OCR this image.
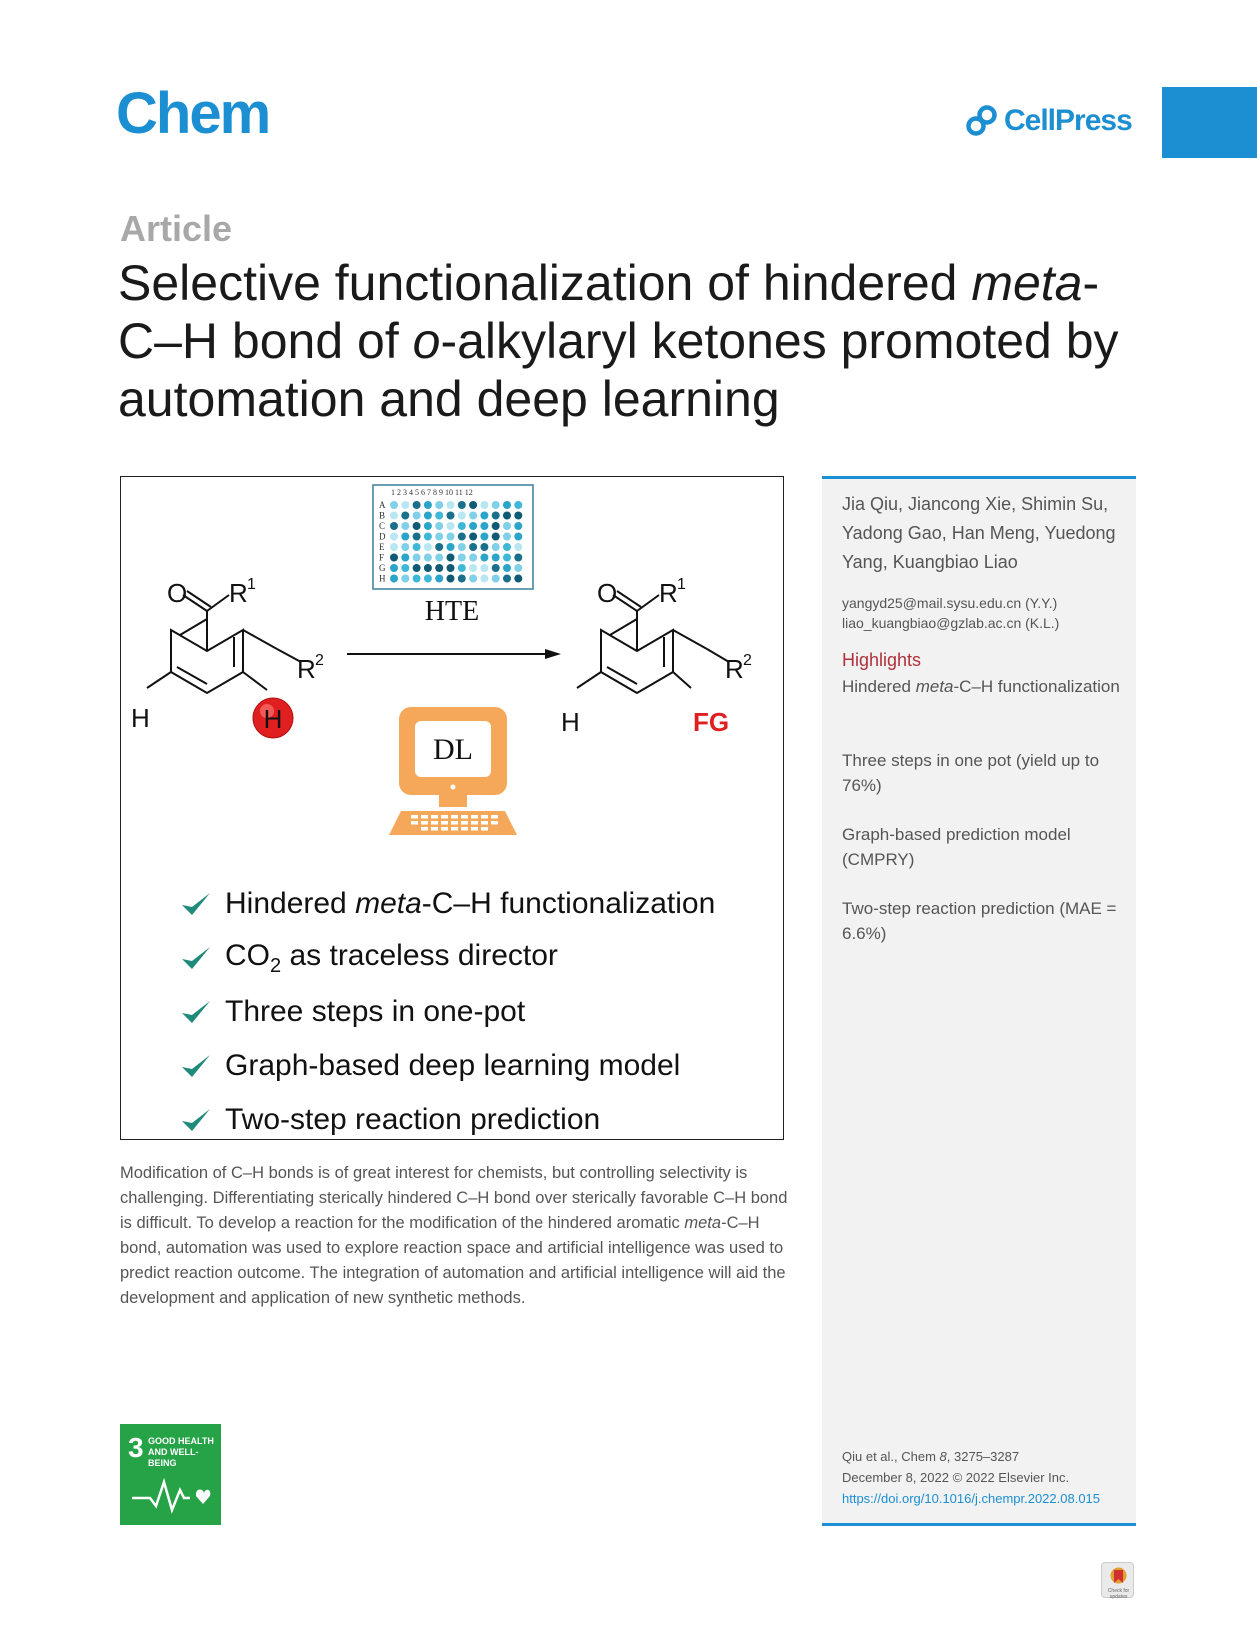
Chem	CellPress
Article
Selective functionalization of hindered meta-C–H bond of o-alkylaryl ketones promoted by automation and deep learning
1 2 3 4 5 6 7 8 9 10 11 12
A
B
C
D
E
F
G
H
HTE
DL
O R 1
R 2
H	H
O R 1
R 2
H	FG
Hindered meta-C–H functionalization
$CO_2$ as traceless director
Three steps in one-pot
Graph-based deep learning model
Two-step reaction prediction
Modification of C–H bonds is of great interest for chemists, but controlling selectivity is challenging. Differentiating sterically hindered C–H bond over sterically favorable C–H bond is difficult. To develop a reaction for the modification of the hindered aromatic meta-C–H bond, automation was used to explore reaction space and artificial intelligence was used to predict reaction outcome. The integration of automation and artificial intelligence will aid the development and application of new synthetic methods.
Jia Qiu, Jiancong Xie, Shimin Su, Yadong Gao, Han Meng, Yuedong Yang, Kuangbiao Liao
yangyd25@mail.sysu.edu.cn (Y.Y.)
liao_kuangbiao@gzlab.ac.cn (K.L.)
Highlights
Hindered meta-C–H functionalization
Three steps in one pot (yield up to 76%)
Graph-based prediction model (CMPRY)
Two-step reaction prediction (MAE = 6.6%)
Qiu et al., Chem 8, 3275–3287
December 8, 2022 © 2022 Elsevier Inc.
https://doi.org/10.1016/j.chempr.2022.08.015
3 GOOD HEALTH AND WELL-BEING
Check for updates
